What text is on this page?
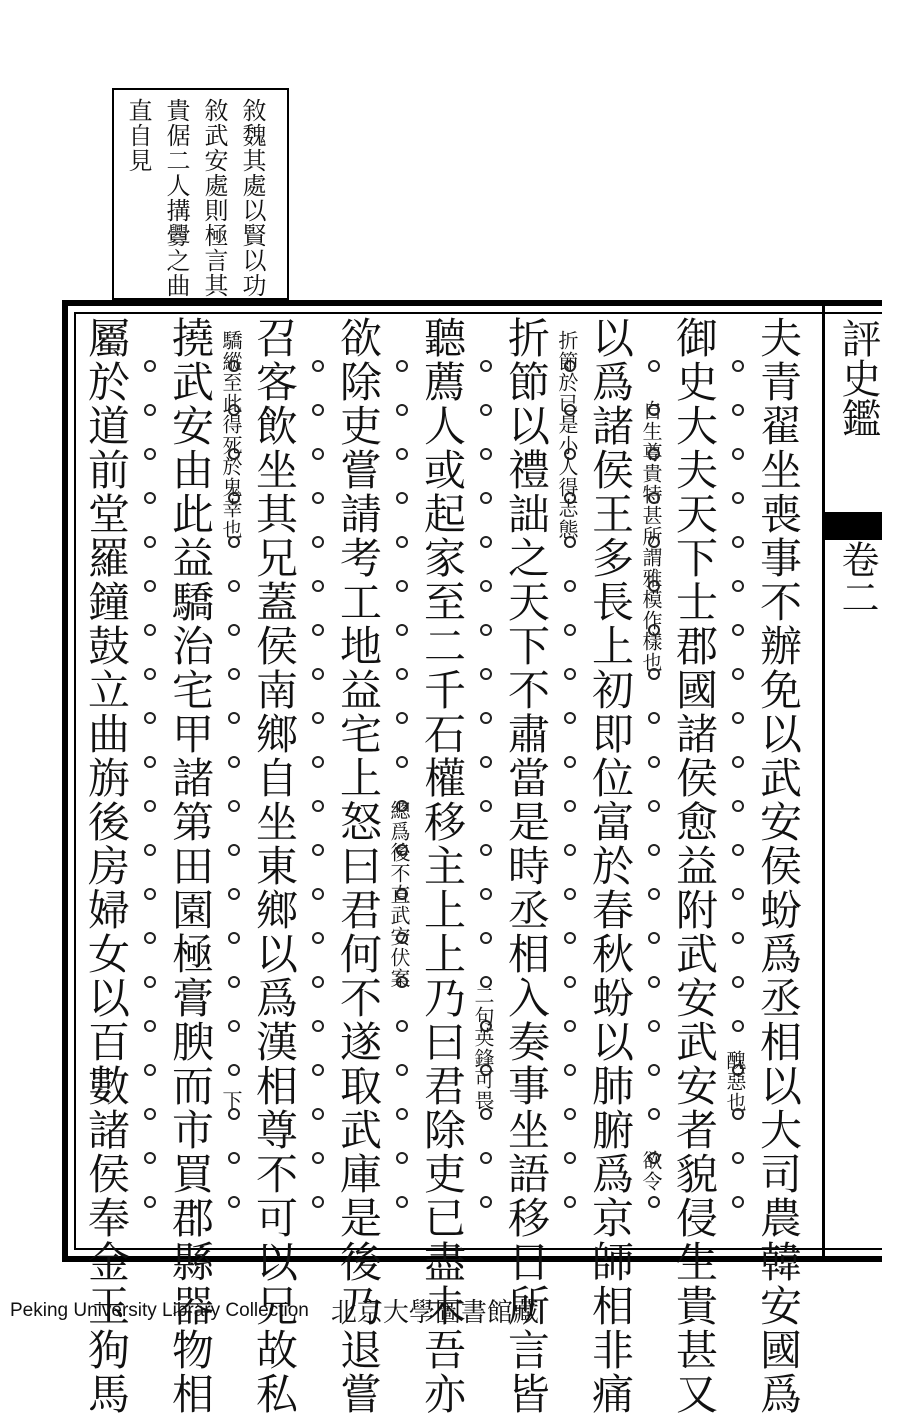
敘魏其處以賢以功
敘武安處則極言其
貴倨二人搆釁之曲
直自見
評史鑑
卷二
夫青翟坐喪事不辦免以武安侯蚡爲丞相以大司農韓安國爲
御史大夫天下士郡國諸侯愈益附武安武安者貌侵生貴甚又
以爲諸侯王多長上初即位富於春秋蚡以肺腑爲京師相非痛
折節以禮詘之天下不肅當是時丞相入奏事坐語移日所言皆
聽薦人或起家至二千石權移主上上乃曰君除吏已盡未吾亦
欲除吏嘗請考工地益宅上怒曰君何不遂取武庫是後乃退嘗
召客飲坐其兄蓋侯南鄉自坐東鄉以爲漢相尊不可以兄故私
撓武安由此益驕治宅甲諸第田園極膏腴而市買郡縣器物相
屬於道前堂羅鐘鼓立曲旃後房婦女以百數諸侯奉金玉狗馬	醜惡也
自生尊貴特甚所謂雅模作樣也
欲令
折節於已是小人得志態
二句英鋒可畏
總爲後不直武安伏案
驕縱至此得死於鬼幸也
下
Peking University Library Collection 北京大學圖書館藏
